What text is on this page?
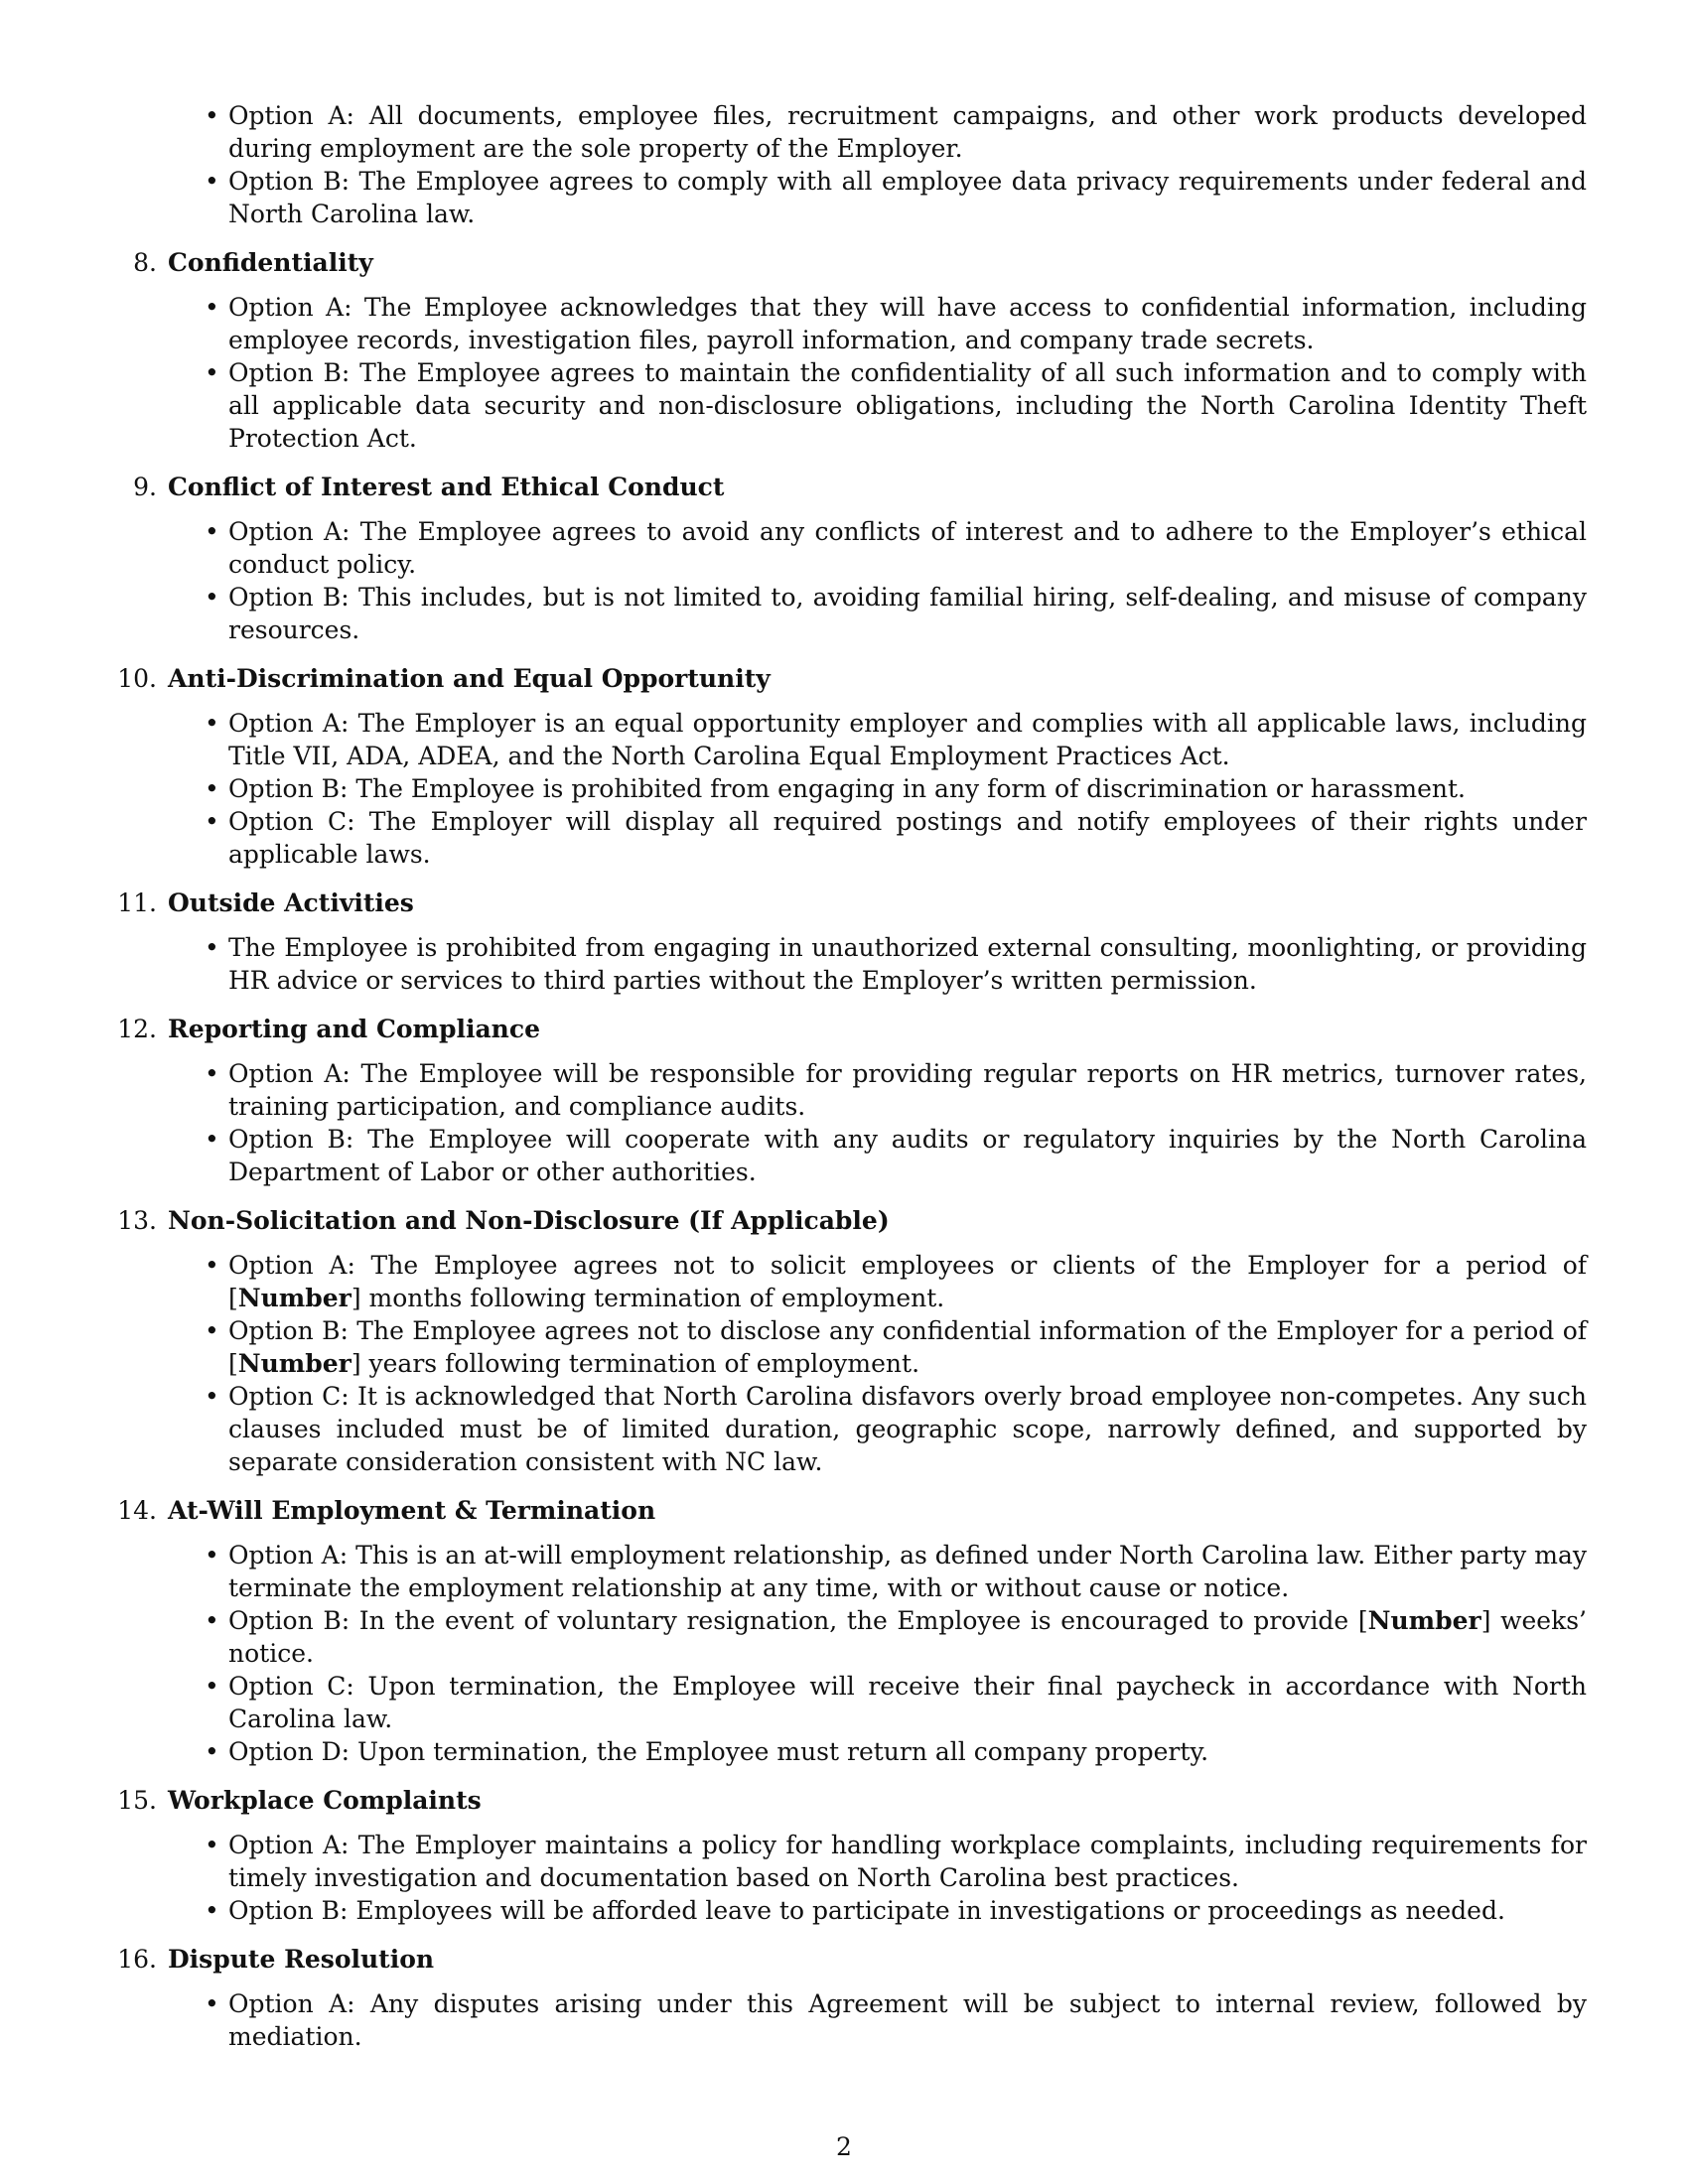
• Option A: All documents, employee files, recruitment campaigns, and other work products developed during employment are the sole property of the Employer.
• Option B: The Employee agrees to comply with all employee data privacy requirements under federal and North Carolina law.
8. Confidentiality
• Option A: The Employee acknowledges that they will have access to confidential information, including employee records, investigation files, payroll information, and company trade secrets.
• Option B: The Employee agrees to maintain the confidentiality of all such information and to comply with all applicable data security and non-disclosure obligations, including the North Carolina Identity Theft Protection Act.
9. Conflict of Interest and Ethical Conduct
• Option A: The Employee agrees to avoid any conflicts of interest and to adhere to the Employer’s ethical conduct policy.
• Option B: This includes, but is not limited to, avoiding familial hiring, self-dealing, and misuse of company resources.
10. Anti-Discrimination and Equal Opportunity
• Option A: The Employer is an equal opportunity employer and complies with all applicable laws, including Title VII, ADA, ADEA, and the North Carolina Equal Employment Practices Act.
• Option B: The Employee is prohibited from engaging in any form of discrimination or harassment.
• Option C: The Employer will display all required postings and notify employees of their rights under applicable laws.
11. Outside Activities
• The Employee is prohibited from engaging in unauthorized external consulting, moonlighting, or providing HR advice or services to third parties without the Employer’s written permission.
12. Reporting and Compliance
• Option A: The Employee will be responsible for providing regular reports on HR metrics, turnover rates, training participation, and compliance audits.
• Option B: The Employee will cooperate with any audits or regulatory inquiries by the North Carolina Department of Labor or other authorities.
13. Non-Solicitation and Non-Disclosure (If Applicable)
• Option A: The Employee agrees not to solicit employees or clients of the Employer for a period of [Number] months following termination of employment.
• Option B: The Employee agrees not to disclose any confidential information of the Employer for a period of [Number] years following termination of employment.
• Option C: It is acknowledged that North Carolina disfavors overly broad employee non-competes. Any such clauses included must be of limited duration, geographic scope, narrowly defined, and supported by separate consideration consistent with NC law.
14. At-Will Employment & Termination
• Option A: This is an at-will employment relationship, as defined under North Carolina law. Either party may terminate the employment relationship at any time, with or without cause or notice.
• Option B: In the event of voluntary resignation, the Employee is encouraged to provide [Number] weeks’ notice.
• Option C: Upon termination, the Employee will receive their final paycheck in accordance with North Carolina law.
• Option D: Upon termination, the Employee must return all company property.
15. Workplace Complaints
• Option A: The Employer maintains a policy for handling workplace complaints, including requirements for timely investigation and documentation based on North Carolina best practices.
• Option B: Employees will be afforded leave to participate in investigations or proceedings as needed.
16. Dispute Resolution
• Option A: Any disputes arising under this Agreement will be subject to internal review, followed by mediation.
2
